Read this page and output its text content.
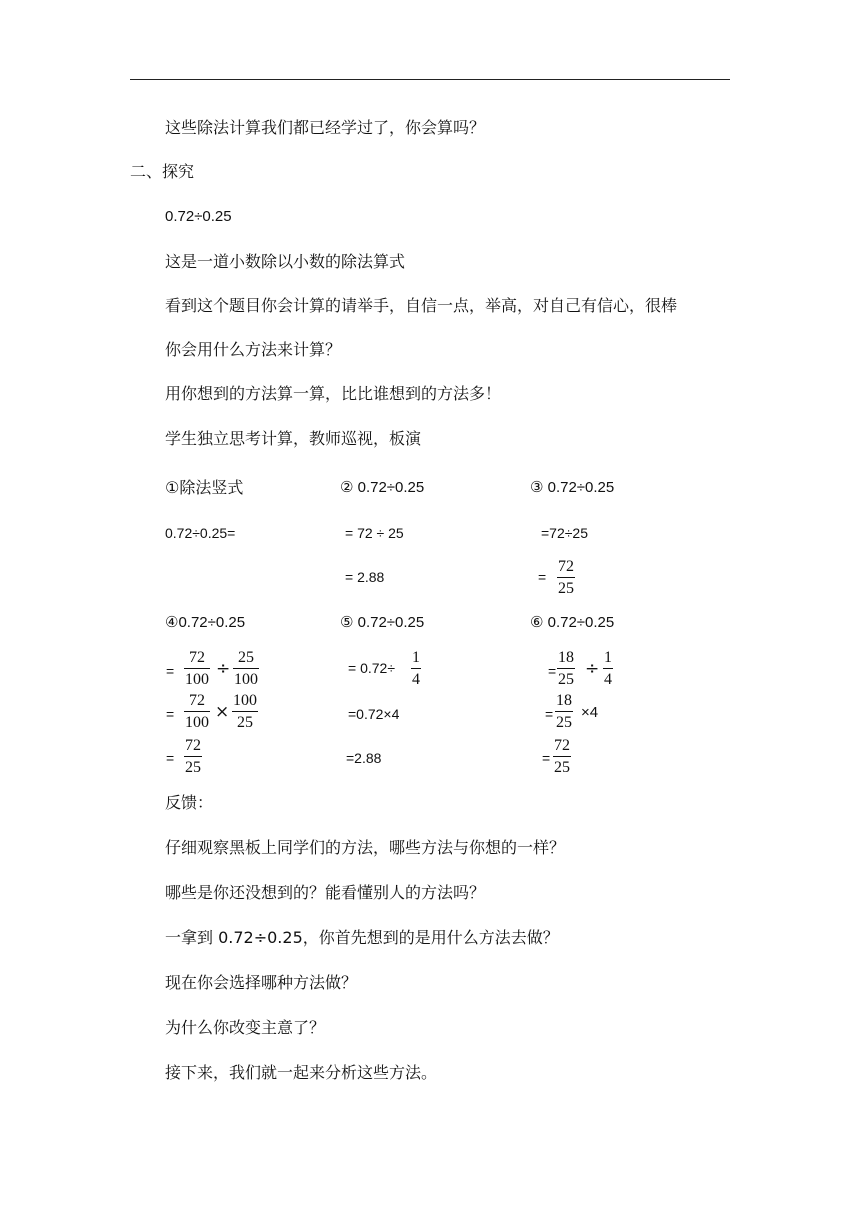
这些除法计算我们都已经学过了，你会算吗？
二、探究
0.72÷0.25
这是一道小数除以小数的除法算式
看到这个题目你会计算的请举手，自信一点，举高，对自己有信心，很棒
你会用什么方法来计算？
用你想到的方法算一算，比比谁想到的方法多！
学生独立思考计算，教师巡视，板演
①除法竖式
0.72÷0.25=
② 0.72÷0.25
= 72 ÷ 25
= 2.88
③ 0.72÷0.25
=72÷25
=
72
25
④0.72÷0.25
=
72
100
÷
25
100
=
72
100
×
100
25
=
72
25
⑤ 0.72÷0.25
= 0.72÷
1
4
=0.72×4
=2.88
⑥ 0.72÷0.25
=
18
25
÷
1
4
=
18
25
×4
=
72
25
反馈：
仔细观察黑板上同学们的方法，哪些方法与你想的一样？
哪些是你还没想到的？能看懂别人的方法吗？
一拿到 0.72÷0.25，你首先想到的是用什么方法去做？
现在你会选择哪种方法做？
为什么你改变主意了？
接下来，我们就一起来分析这些方法。
